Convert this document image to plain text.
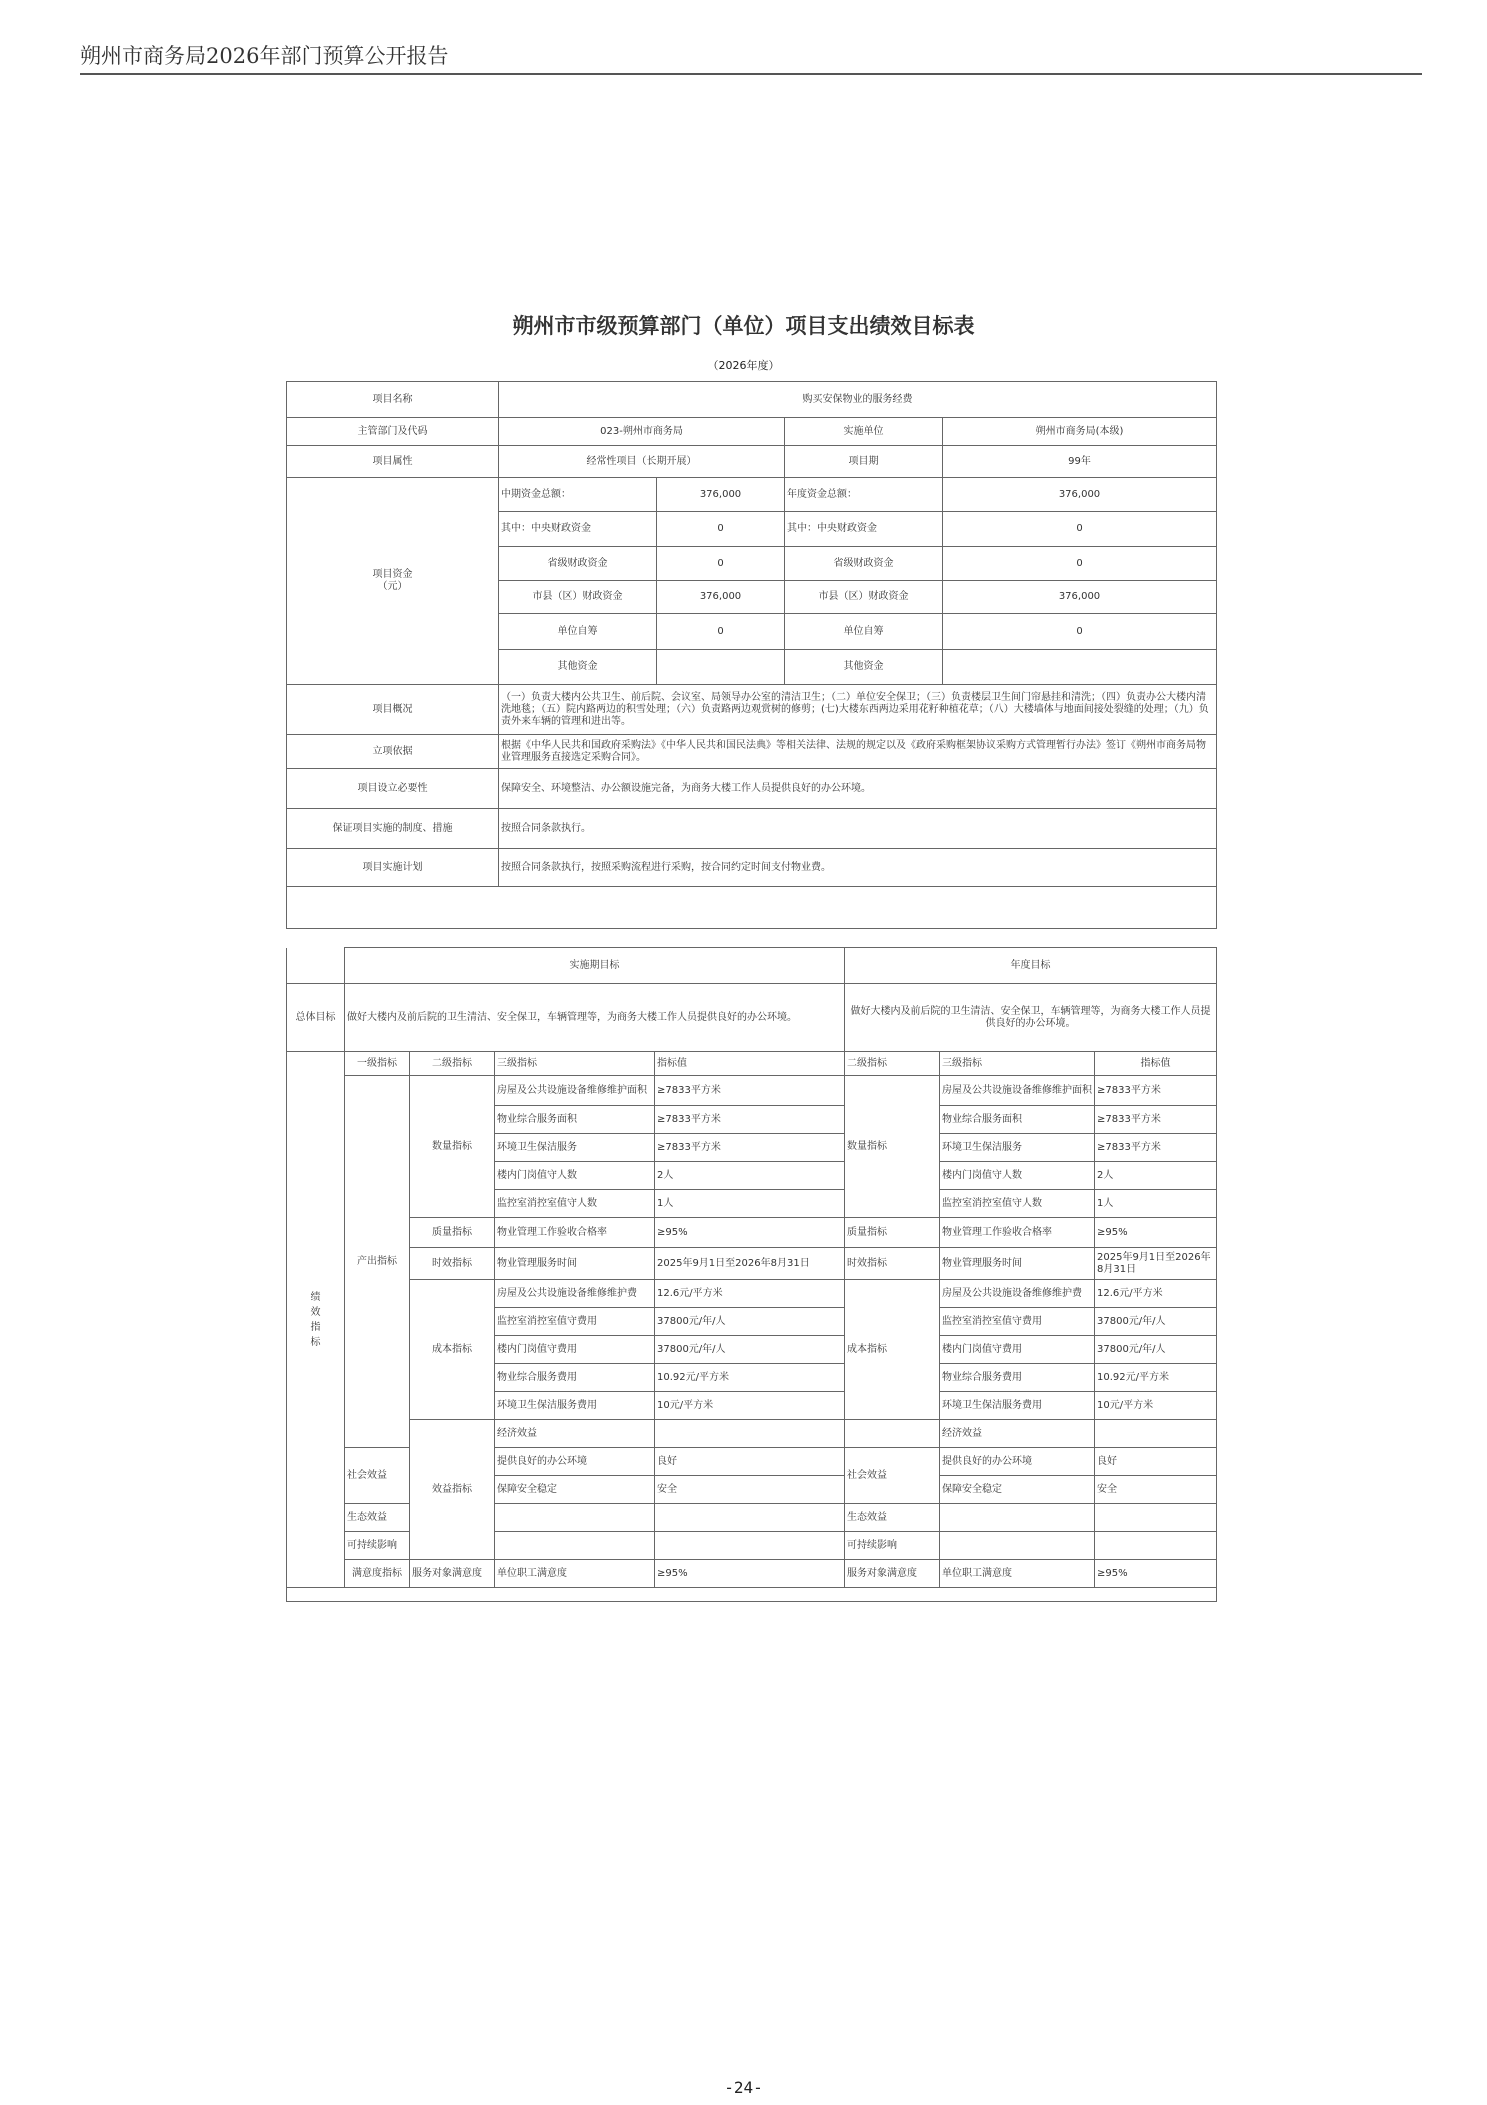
朔州市商务局2026年部门预算公开报告
朔州市市级预算部门（单位）项目支出绩效目标表
（2026年度）
项目名称	购买安保物业的服务经费			
主管部门及代码	023-朔州市商务局		实施单位	朔州市商务局(本级)
项目属性	经常性项目（长期开展）		项目期	99年
项目资金
（元）	中期资金总额：	376,000	年度资金总额：	376,000
	其中：中央财政资金	0	其中：中央财政资金	0
	省级财政资金	0	省级财政资金	0
	市县（区）财政资金	376,000	市县（区）财政资金	376,000
	单位自筹	0	单位自筹	0
	其他资金		其他资金	
项目概况	（一）负责大楼内公共卫生、前后院、会议室、局领导办公室的清洁卫生；（二）单位安全保卫；（三）负责楼层卫生间门帘悬挂和清洗；（四）负责办公大楼内清洗地毯；（五）院内路两边的积雪处理；（六）负责路两边观赏树的修剪；(七)大楼东西两边采用花籽种植花草；（八）大楼墙体与地面间接处裂缝的处理；（九）负责外来车辆的管理和进出等。			
立项依据	根据《中华人民共和国政府采购法》《中华人民共和国民法典》等相关法律、法规的规定以及《政府采购框架协议采购方式管理暂行办法》签订《朔州市商务局物业管理服务直接选定采购合同》。			
项目设立必要性	保障安全、环境整洁、办公额设施完备，为商务大楼工作人员提供良好的办公环境。			
保证项目实施的制度、措施	按照合同条款执行。			
项目实施计划	按照合同条款执行，按照采购流程进行采购，按合同约定时间支付物业费。			

	实施期目标				年度目标			
总体目标	做好大楼内及前后院的卫生清洁、安全保卫，车辆管理等，为商务大楼工作人员提供良好的办公环境。				做好大楼内及前后院的卫生清洁、安全保卫，车辆管理等，为商务大楼工作人员提供良好的办公环境。			
绩
效
指
标	一级指标	二级指标	三级指标	指标值	二级指标	三级指标	指标值	
	产出指标	数量指标	房屋及公共设施设备维修维护面积	≥7833平方米	数量指标	房屋及公共设施设备维修维护面积	≥7833平方米	
			物业综合服务面积	≥7833平方米		物业综合服务面积	≥7833平方米	
			环境卫生保洁服务	≥7833平方米		环境卫生保洁服务	≥7833平方米	
			楼内门岗值守人数	2人		楼内门岗值守人数	2人	
			监控室消控室值守人数	1人		监控室消控室值守人数	1人	
		质量指标	物业管理工作验收合格率	≥95%	质量指标	物业管理工作验收合格率	≥95%	
		时效指标	物业管理服务时间	2025年9月1日至2026年8月31日	时效指标	物业管理服务时间	2025年9月1日至2026年8月31日	
		成本指标	房屋及公共设施设备维修维护费	12.6元/平方米	成本指标	房屋及公共设施设备维修维护费	12.6元/平方米	
			监控室消控室值守费用	37800元/年/人		监控室消控室值守费用	37800元/年/人	
			楼内门岗值守费用	37800元/年/人		楼内门岗值守费用	37800元/年/人	
			物业综合服务费用	10.92元/平方米		物业综合服务费用	10.92元/平方米	
			环境卫生保洁服务费用	10元/平方米		环境卫生保洁服务费用	10元/平方米	
		效益指标	经济效益			经济效益		
	社会效益		提供良好的办公环境	良好	社会效益	提供良好的办公环境	良好	
			保障安全稳定	安全		保障安全稳定	安全	
	生态效益				生态效益			
	可持续影响				可持续影响			
	满意度指标	服务对象满意度	单位职工满意度	≥95%	服务对象满意度	单位职工满意度	≥95%	

-24-
